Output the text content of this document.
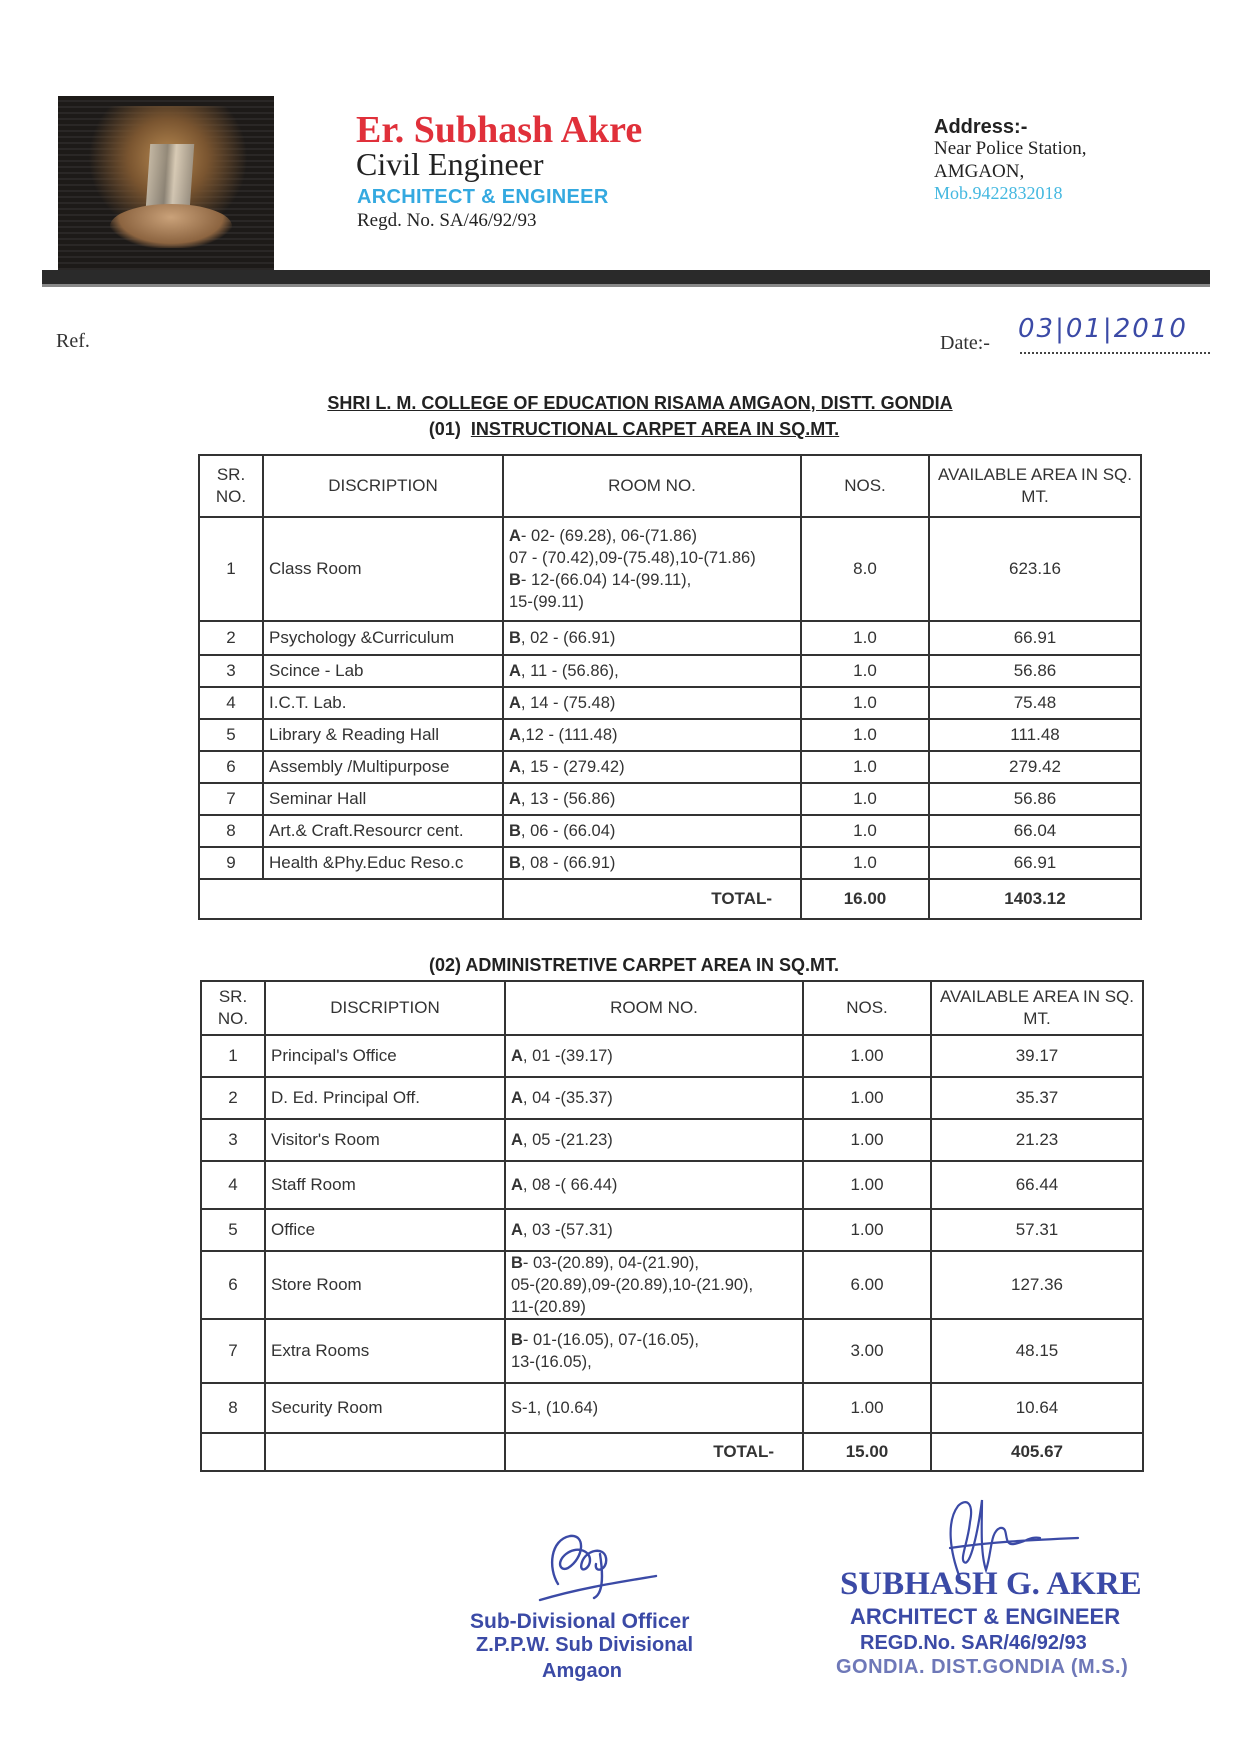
Er. Subhash Akre
Civil Engineer
ARCHITECT & ENGINEER
Regd. No. SA/46/92/93
Address:-
Near Police Station,
AMGAON,
Mob.9422832018
Ref.	Date:- 03|01|2010
SHRI L. M. COLLEGE OF EDUCATION RISAMA AMGAON, DISTT. GONDIA
(01) INSTRUCTIONAL CARPET AREA IN SQ.MT.
SR. NO.	DISCRIPTION	ROOM NO.	NOS.	AVAILABLE AREA IN SQ. MT.
1	Class Room	A- 02- (69.28), 06-(71.86)
07 - (70.42),09-(75.48),10-(71.86)
B- 12-(66.04) 14-(99.11),
15-(99.11)	8.0	623.16
2	Psychology &Curriculum	B, 02 - (66.91)	1.0	66.91
3	Scince - Lab	A, 11 - (56.86),	1.0	56.86
4	I.C.T. Lab.	A, 14 - (75.48)	1.0	75.48
5	Library & Reading Hall	A,12 - (111.48)	1.0	111.48
6	Assembly /Multipurpose	A, 15 - (279.42)	1.0	279.42
7	Seminar Hall	A, 13 - (56.86)	1.0	56.86
8	Art.& Craft.Resourcr cent.	B, 06 - (66.04)	1.0	66.04
9	Health &Phy.Educ Reso.c	B, 08 - (66.91)	1.0	66.91
		TOTAL-	16.00	1403.12
(02) ADMINISTRETIVE CARPET AREA IN SQ.MT.
SR. NO.	DISCRIPTION	ROOM NO.	NOS.	AVAILABLE AREA IN SQ. MT.
1	Principal's Office	A, 01 -(39.17)	1.00	39.17
2	D. Ed. Principal Off.	A, 04 -(35.37)	1.00	35.37
3	Visitor's Room	A, 05 -(21.23)	1.00	21.23
4	Staff Room	A, 08 -( 66.44)	1.00	66.44
5	Office	A, 03 -(57.31)	1.00	57.31
6	Store Room	B- 03-(20.89), 04-(21.90),
05-(20.89),09-(20.89),10-(21.90),
11-(20.89)	6.00	127.36
7	Extra Rooms	B- 01-(16.05), 07-(16.05),
13-(16.05),	3.00	48.15
8	Security Room	S-1, (10.64)	1.00	10.64
		TOTAL-	15.00	405.67
Sub-Divisional Officer
Z.P.P.W. Sub Divisional
Amgaon
SUBHASH G. AKRE
ARCHITECT & ENGINEER
REGD.No. SAR/46/92/93
GONDIA. DIST.GONDIA (M.S.)
